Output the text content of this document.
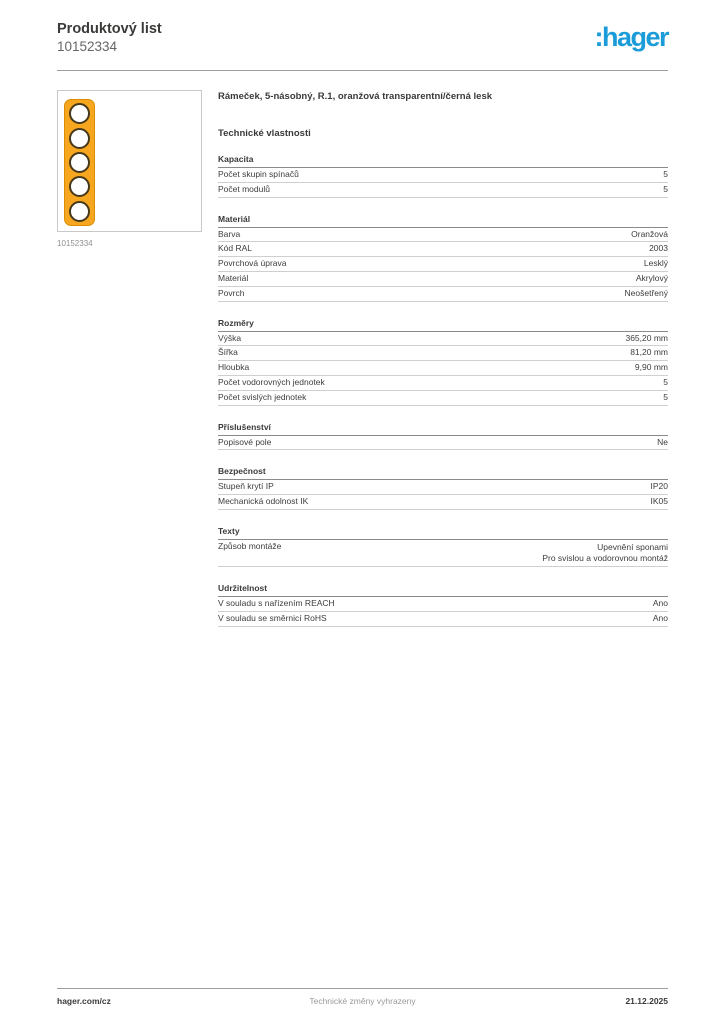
Produktový list
10152334	:hager
10152334
Rámeček, 5-násobný, R.1, oranžová transparentní/černá lesk
Technické vlastnosti
Kapacita
Počet skupin spínačů	5
Počet modulů	5
Materiál
Barva	Oranžová
Kód RAL	2003
Povrchová úprava	Lesklý
Materiál	Akrylový
Povrch	Neošetřený
Rozměry
Výška	365,20 mm
Šířka	81,20 mm
Hloubka	9,90 mm
Počet vodorovných jednotek	5
Počet svislých jednotek	5
Příslušenství
Popisové pole	Ne
Bezpečnost
Stupeň krytí IP	IP20
Mechanická odolnost IK	IK05
Texty
Způsob montáže	Upevnění sponami
Pro svislou a vodorovnou montáž
Udržitelnost
V souladu s nařízením REACH	Ano
V souladu se směrnicí RoHS	Ano
hager.com/cz	Technické změny vyhrazeny	21.12.2025
